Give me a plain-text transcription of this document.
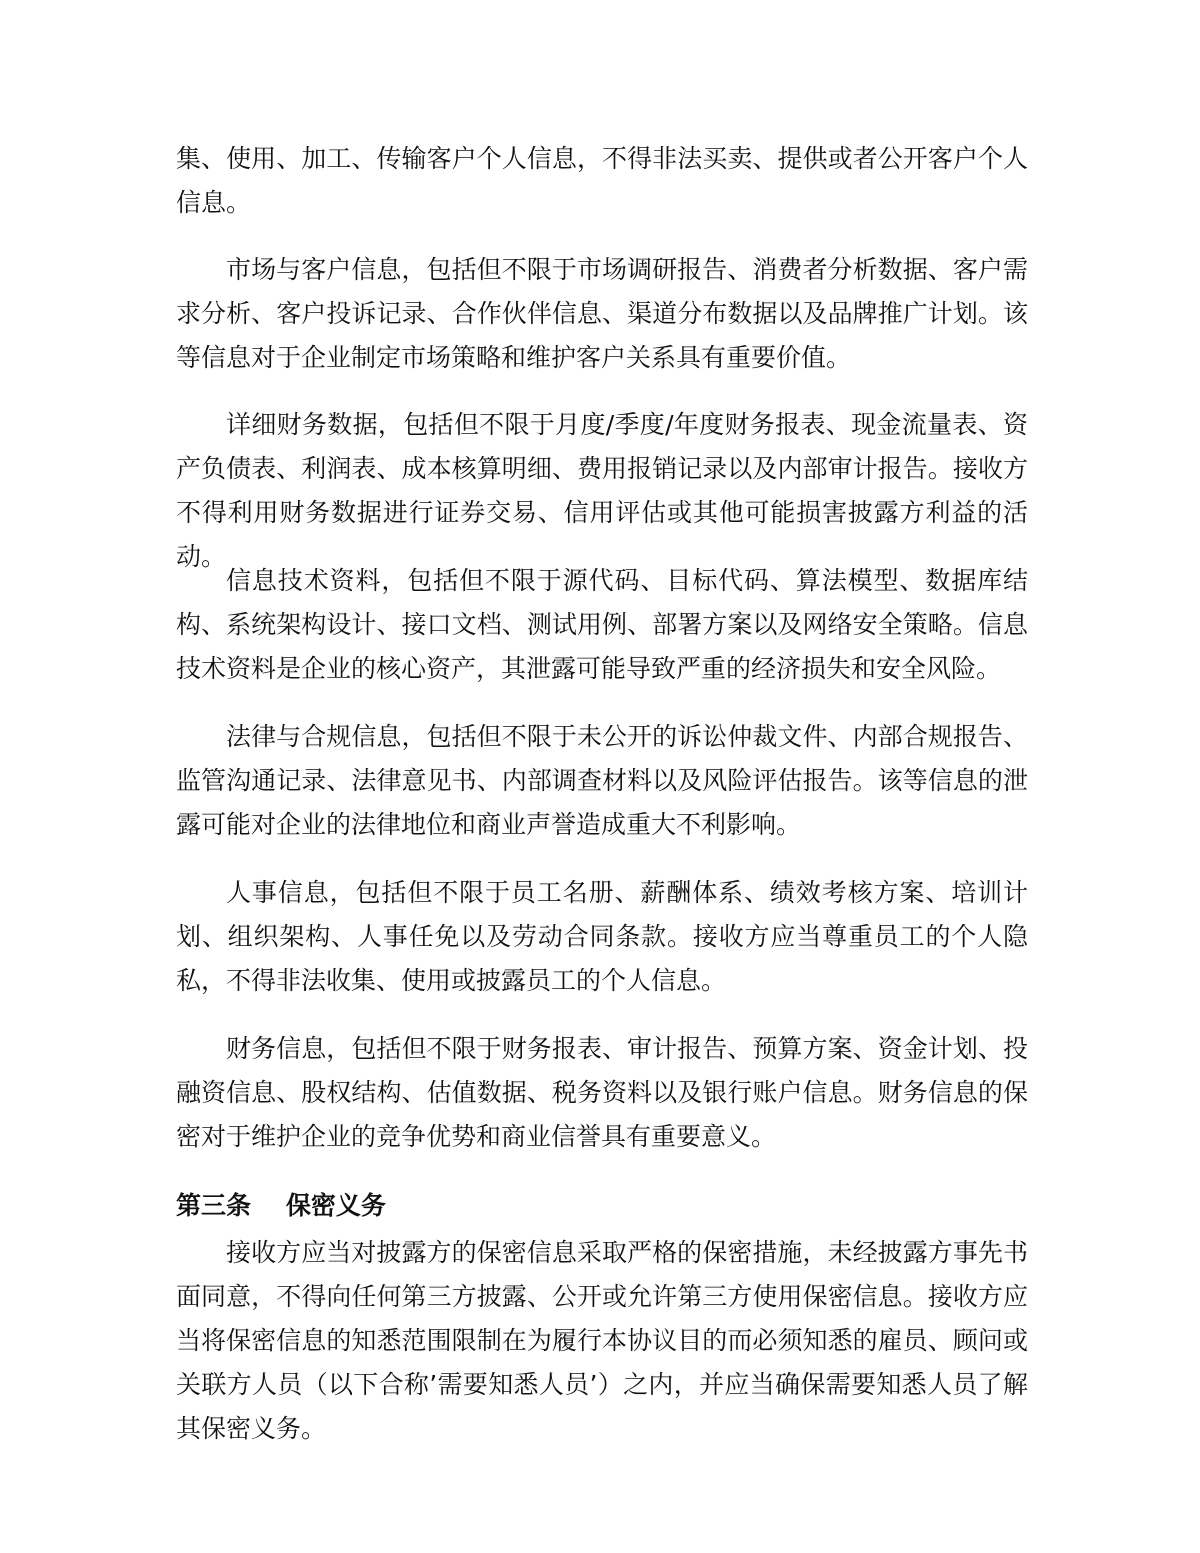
集、使用、加工、传输客户个人信息，不得非法买卖、提供或者公开客户个人信息。

市场与客户信息，包括但不限于市场调研报告、消费者分析数据、客户需求分析、客户投诉记录、合作伙伴信息、渠道分布数据以及品牌推广计划。该等信息对于企业制定市场策略和维护客户关系具有重要价值。

详细财务数据，包括但不限于月度/季度/年度财务报表、现金流量表、资产负债表、利润表、成本核算明细、费用报销记录以及内部审计报告。接收方不得利用财务数据进行证券交易、信用评估或其他可能损害披露方利益的活动。

信息技术资料，包括但不限于源代码、目标代码、算法模型、数据库结构、系统架构设计、接口文档、测试用例、部署方案以及网络安全策略。信息技术资料是企业的核心资产，其泄露可能导致严重的经济损失和安全风险。

法律与合规信息，包括但不限于未公开的诉讼仲裁文件、内部合规报告、监管沟通记录、法律意见书、内部调查材料以及风险评估报告。该等信息的泄露可能对企业的法律地位和商业声誉造成重大不利影响。

人事信息，包括但不限于员工名册、薪酬体系、绩效考核方案、培训计划、组织架构、人事任免以及劳动合同条款。接收方应当尊重员工的个人隐私，不得非法收集、使用或披露员工的个人信息。

财务信息，包括但不限于财务报表、审计报告、预算方案、资金计划、投融资信息、股权结构、估值数据、税务资料以及银行账户信息。财务信息的保密对于维护企业的竞争优势和商业信誉具有重要意义。

第三条    保密义务

接收方应当对披露方的保密信息采取严格的保密措施，未经披露方事先书面同意，不得向任何第三方披露、公开或允许第三方使用保密信息。接收方应当将保密信息的知悉范围限制在为履行本协议目的而必须知悉的雇员、顾问或关联方人员（以下合称’需要知悉人员’）之内，并应当确保需要知悉人员了解其保密义务。
